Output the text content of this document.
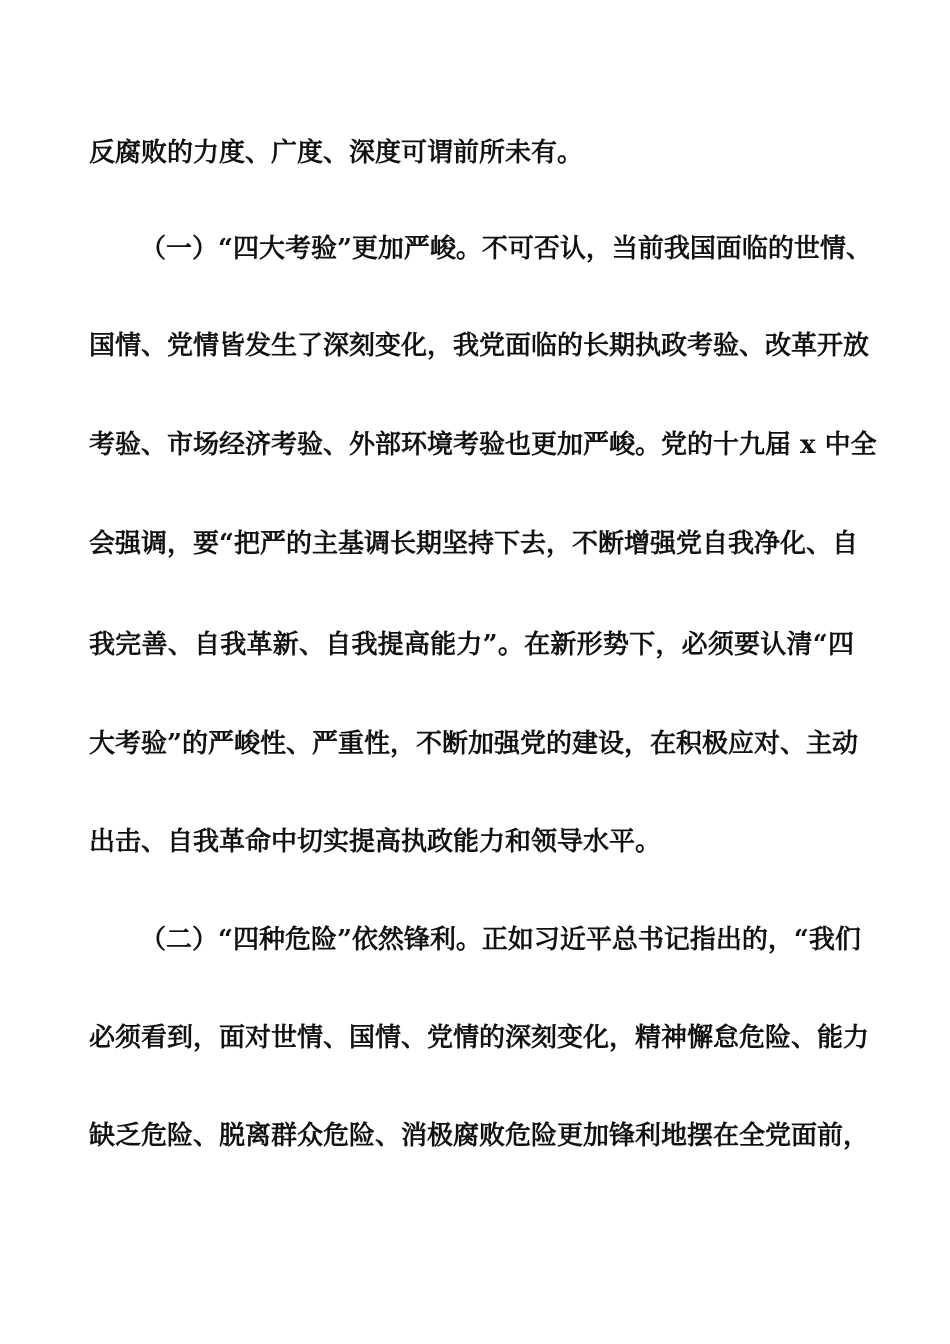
反腐败的力度、广度、深度可谓前所未有。
（一）“四大考验”更加严峻。不可否认，当前我国面临的世情、
国情、党情皆发生了深刻变化，我党面临的长期执政考验、改革开放
考验、市场经济考验、外部环境考验也更加严峻。党的十九届 x 中全
会强调，要“把严的主基调长期坚持下去，不断增强党自我净化、自
我完善、自我革新、自我提高能力”。在新形势下，必须要认清“四
大考验”的严峻性、严重性，不断加强党的建设，在积极应对、主动
出击、自我革命中切实提高执政能力和领导水平。
（二）“四种危险”依然锋利。正如习近平总书记指出的，“我们
必须看到，面对世情、国情、党情的深刻变化，精神懈怠危险、能力
缺乏危险、脱离群众危险、消极腐败危险更加锋利地摆在全党面前，
